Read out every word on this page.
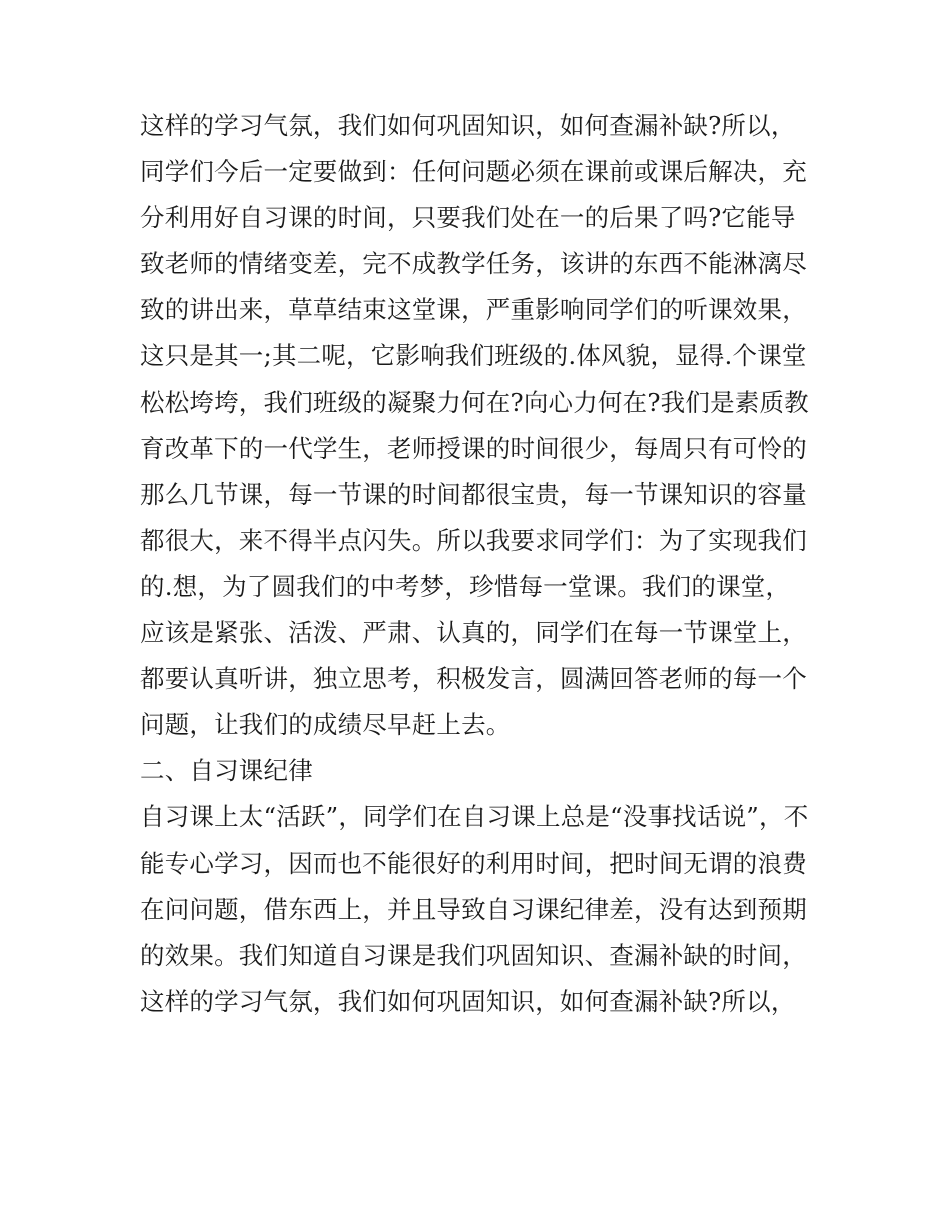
这样的学习气氛，我们如何巩固知识，如何查漏补缺?所以，
同学们今后一定要做到：任何问题必须在课前或课后解决，充
分利用好自习课的时间，只要我们处在一的后果了吗?它能导
致老师的情绪变差，完不成教学任务，该讲的东西不能淋漓尽
致的讲出来，草草结束这堂课，严重影响同学们的听课效果，
这只是其一;其二呢，它影响我们班级的.体风貌，显得.个课堂
松松垮垮，我们班级的凝聚力何在?向心力何在?我们是素质教
育改革下的一代学生，老师授课的时间很少，每周只有可怜的
那么几节课，每一节课的时间都很宝贵，每一节课知识的容量
都很大，来不得半点闪失。所以我要求同学们：为了实现我们
的.想，为了圆我们的中考梦，珍惜每一堂课。我们的课堂，
应该是紧张、活泼、严肃、认真的，同学们在每一节课堂上，
都要认真听讲，独立思考，积极发言，圆满回答老师的每一个
问题，让我们的成绩尽早赶上去。
二、自习课纪律
自习课上太“活跃”，同学们在自习课上总是“没事找话说”，不
能专心学习，因而也不能很好的利用时间，把时间无谓的浪费
在问问题，借东西上，并且导致自习课纪律差，没有达到预期
的效果。我们知道自习课是我们巩固知识、查漏补缺的时间，
这样的学习气氛，我们如何巩固知识，如何查漏补缺?所以，
